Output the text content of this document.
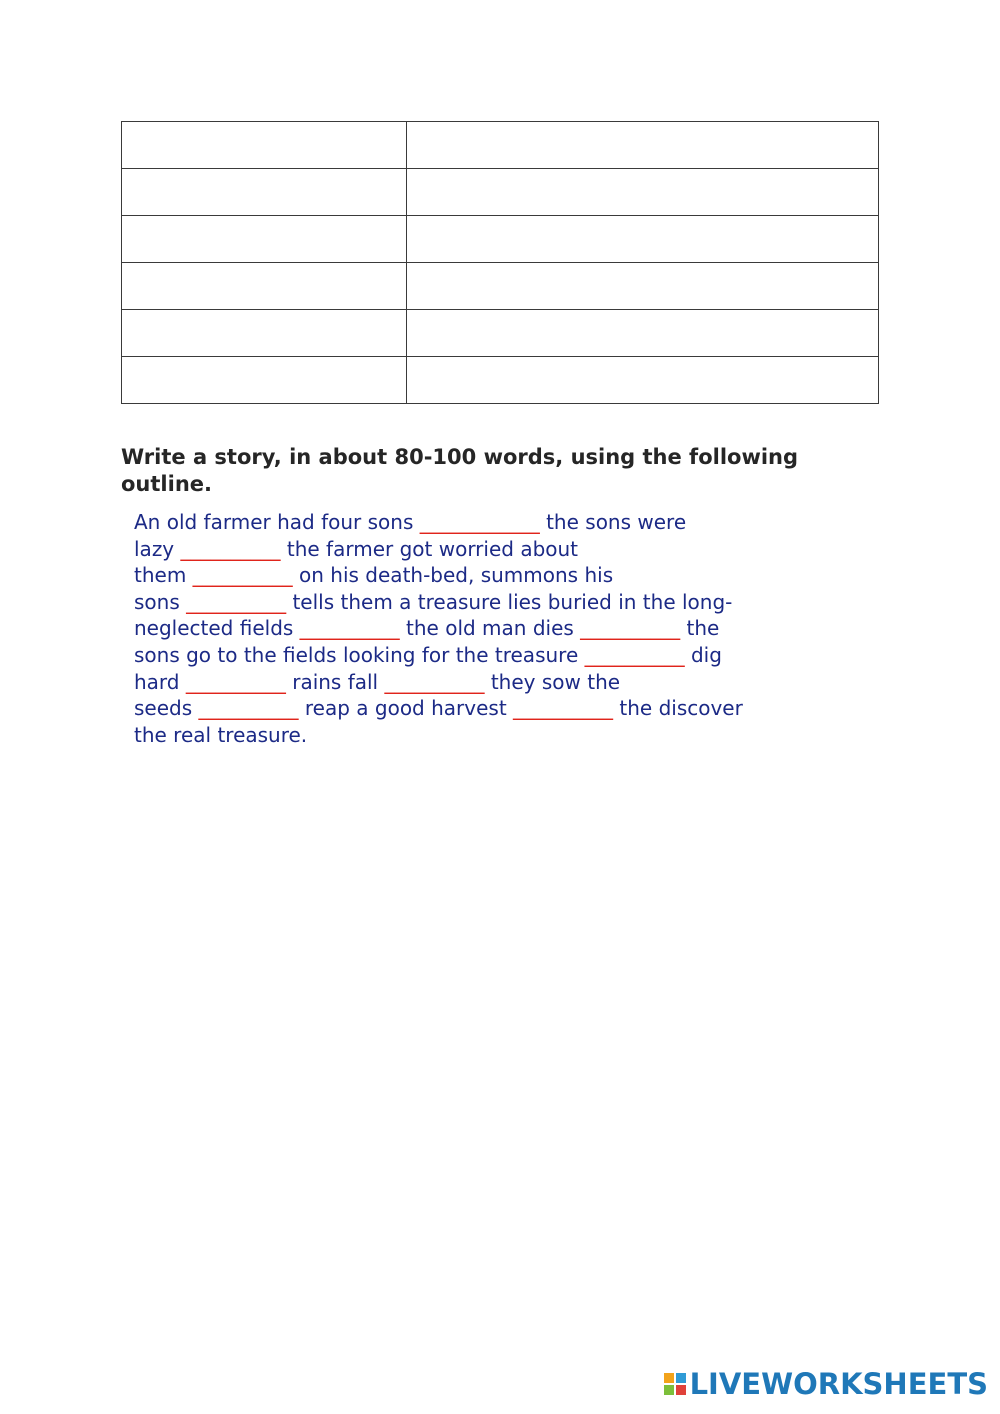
Write a story, in about 80-100 words, using the following outline.
An old farmer had four sons ____________ the sons were
lazy __________ the farmer got worried about
them __________ on his death-bed, summons his
sons __________ tells them a treasure lies buried in the long-
neglected fields __________ the old man dies __________ the
sons go to the fields looking for the treasure __________ dig
hard __________ rains fall __________ they sow the
seeds __________ reap a good harvest __________ the discover
the real treasure.
LIVEWORKSHEETS
